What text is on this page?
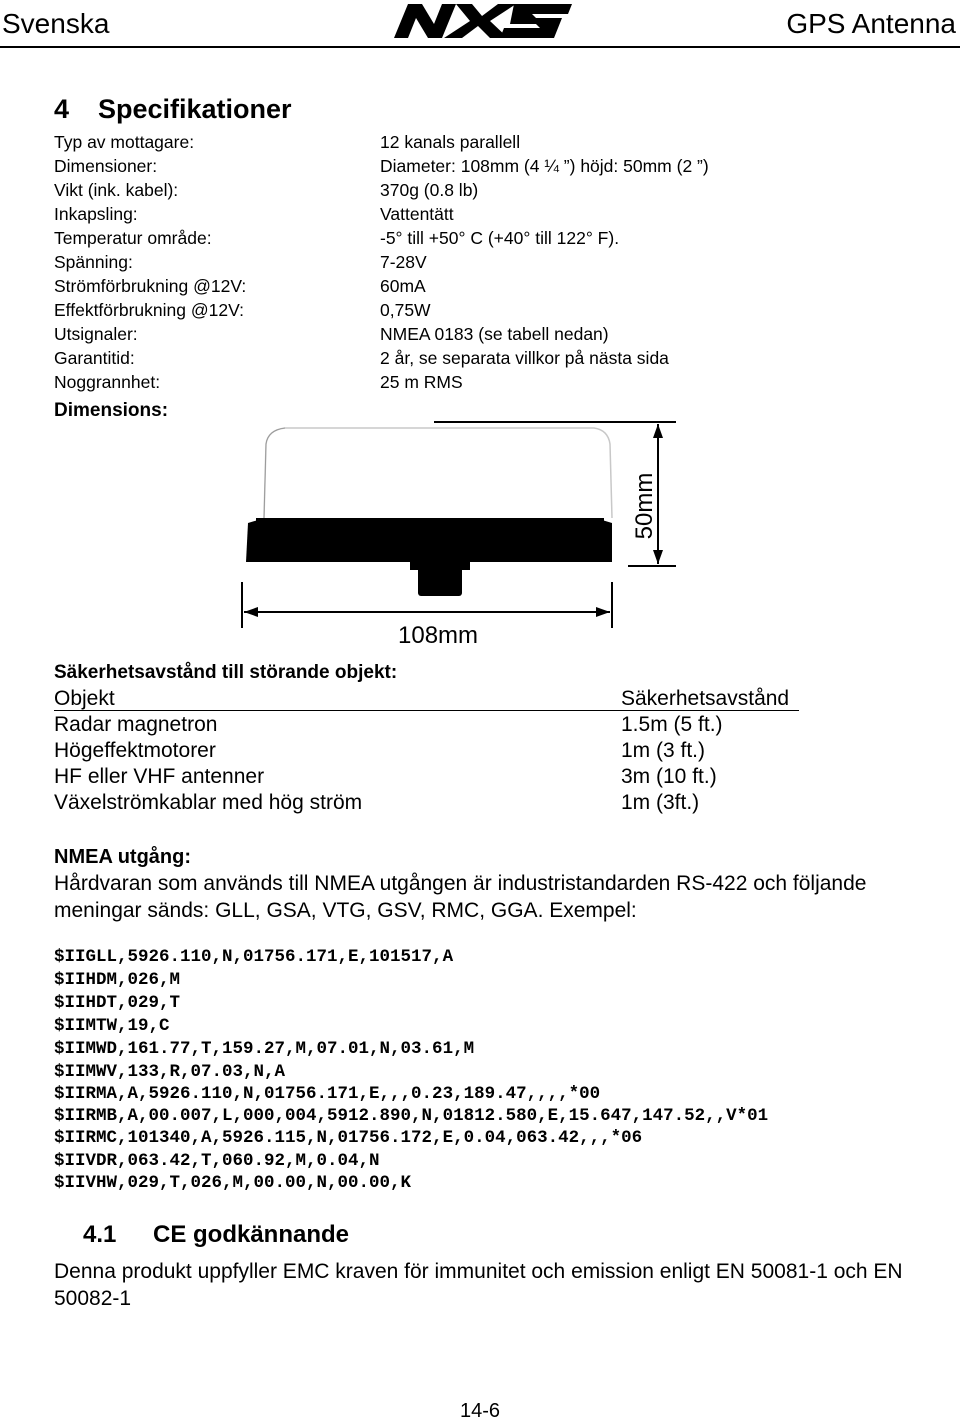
Svenska	GPS Antenna
4 Specifikationer
Typ av mottagare:	12 kanals parallell
Dimensioner:	Diameter: 108mm (4 ¼ ”) höjd: 50mm (2 ”)
Vikt (ink. kabel):	370g (0.8 lb)
Inkapsling:	Vattentätt
Temperatur område:	-5° till +50° C (+40° till 122° F).
Spänning:	7-28V
Strömförbrukning @12V:	60mA
Effektförbrukning @12V:	0,75W
Utsignaler:	NMEA 0183 (se tabell nedan)
Garantitid:	2 år, se separata villkor på nästa sida
Noggrannhet:	25 m RMS
Dimensions:
50mm
108mm
Säkerhetsavstånd till störande objekt:
Objekt	Säkerhetsavstånd
Radar magnetron	1.5m (5 ft.)
Högeffektmotorer	1m (3 ft.)
HF eller VHF antenner	3m (10 ft.)
Växelströmkablar med hög ström	1m (3ft.)
NMEA utgång:
Hårdvaran som används till NMEA utgången är industristandarden RS-422 och följande meningar sänds: GLL, GSA, VTG, GSV, RMC, GGA. Exempel:
$IIGLL,5926.110,N,01756.171,E,101517,A
$IIHDM,026,M
$IIHDT,029,T
$IIMTW,19,C
$IIMWD,161.77,T,159.27,M,07.01,N,03.61,M
$IIMWV,133,R,07.03,N,A
$IIRMA,A,5926.110,N,01756.171,E,,,0.23,189.47,,,,*00
$IIRMB,A,00.007,L,000,004,5912.890,N,01812.580,E,15.647,147.52,,V*01
$IIRMC,101340,A,5926.115,N,01756.172,E,0.04,063.42,,,*06
$IIVDR,063.42,T,060.92,M,0.04,N
$IIVHW,029,T,026,M,00.00,N,00.00,K
4.1 CE godkännande
Denna produkt uppfyller EMC kraven för immunitet och emission enligt EN 50081-1 och EN 50082-1
14-6
